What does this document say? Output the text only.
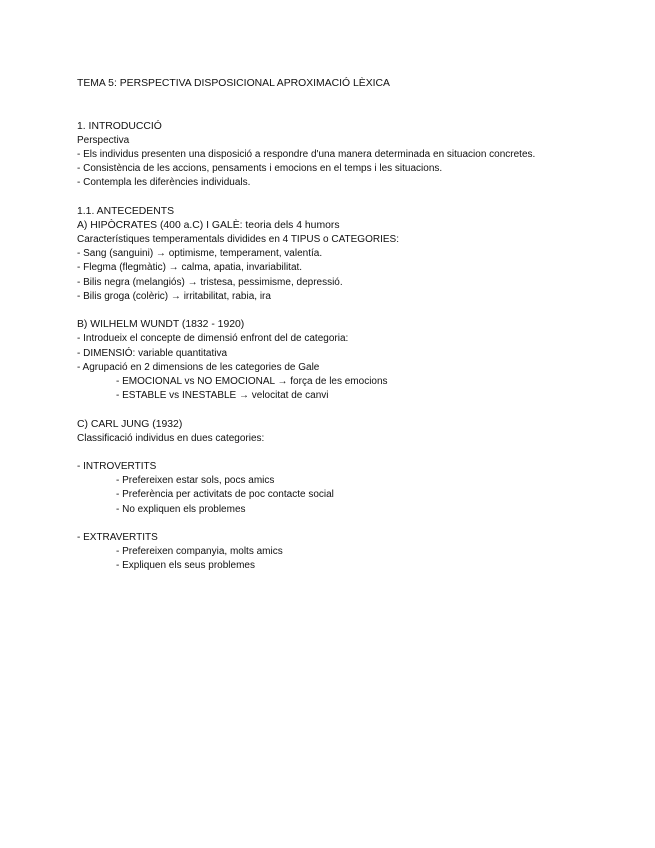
TEMA 5: PERSPECTIVA DISPOSICIONAL APROXIMACIÓ LÈXICA
1. INTRODUCCIÓ
Perspectiva
- Els individus presenten una disposició a respondre d'una manera determinada en situacion concretes.
- Consistència de les accions, pensaments i emocions en el temps i les situacions.
- Contempla les diferències individuals.
1.1. ANTECEDENTS
A) HIPÒCRATES (400 a.C) I GALÈ: teoria dels 4 humors
Característiques temperamentals dividides en 4 TIPUS o CATEGORIES:
- Sang (sanguini) → optimisme, temperament, valentía.
- Flegma (flegmàtic) → calma, apatia, invariabilitat.
- Bilis negra (melangiós) → tristesa, pessimisme, depressió.
- Bilis groga (colèric) → irritabilitat, rabia, ira
B) WILHELM WUNDT (1832 - 1920)
- Introdueix el concepte de dimensió enfront del de categoria:
- DIMENSIÓ: variable quantitativa
- Agrupació en 2 dimensions de les categories de Gale
- EMOCIONAL vs NO EMOCIONAL → força de les emocions
- ESTABLE vs INESTABLE → velocitat de canvi
C) CARL JUNG (1932)
Classificació individus en dues categories:
- INTROVERTITS
- Prefereixen estar sols, pocs amics
- Preferència per activitats de poc contacte social
- No expliquen els problemes
- EXTRAVERTITS
- Prefereixen companyia, molts amics
- Expliquen els seus problemes
